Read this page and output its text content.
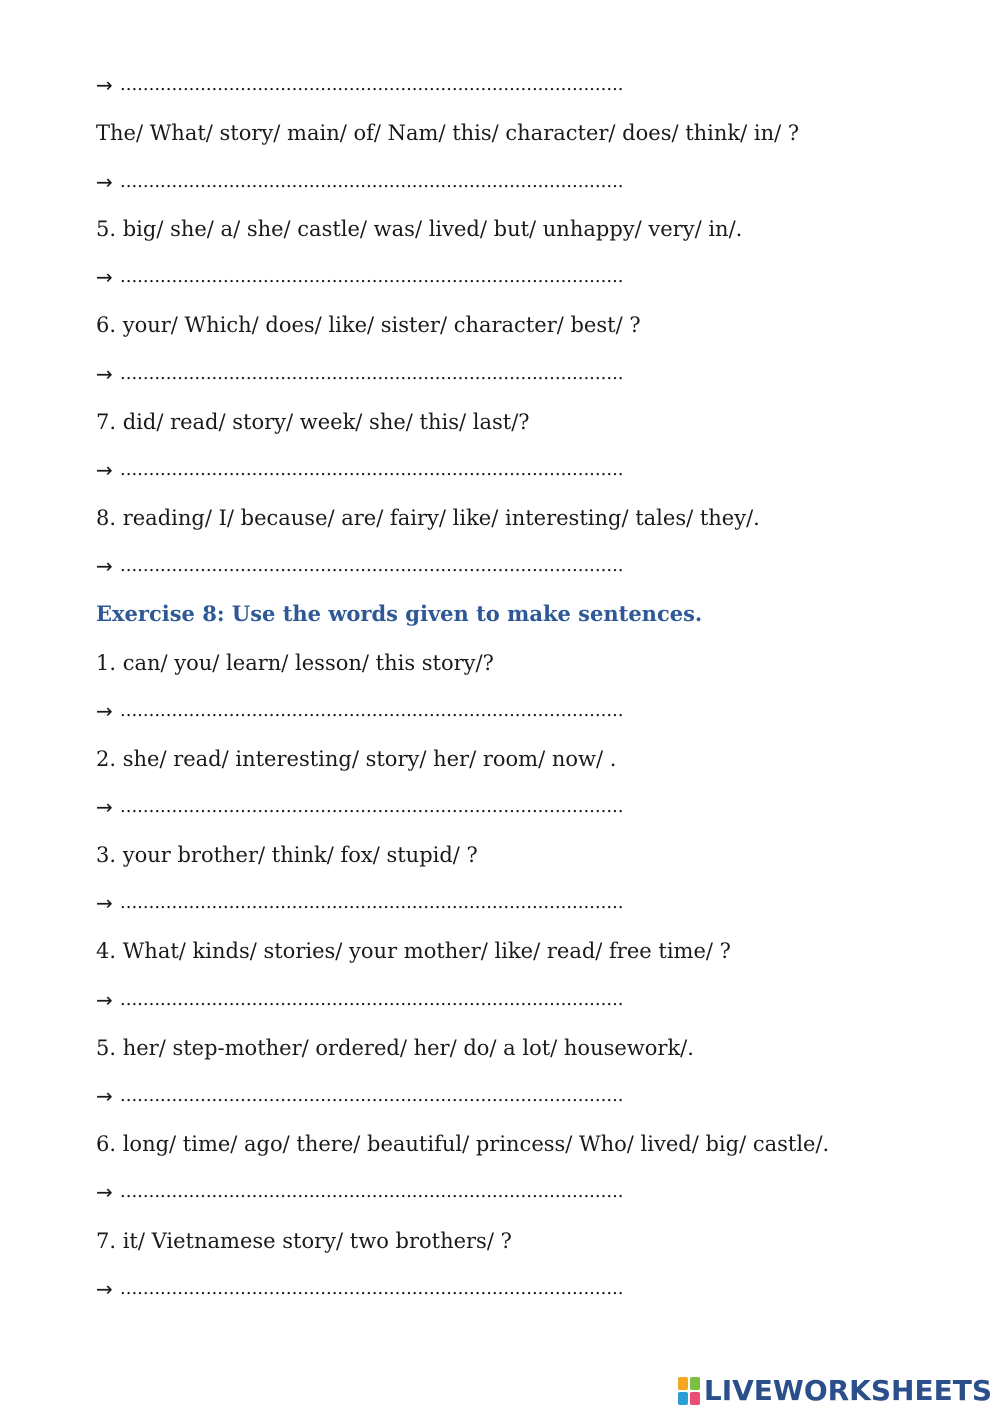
→ ........................................................................................
The/ What/ story/ main/ of/ Nam/ this/ character/ does/ think/ in/ ?
→ ........................................................................................
5. big/ she/ a/ she/ castle/ was/ lived/ but/ unhappy/ very/ in/.
→ ........................................................................................
6. your/ Which/ does/ like/ sister/ character/ best/ ?
→ ........................................................................................
7. did/ read/ story/ week/ she/ this/ last/?
→ ........................................................................................
8. reading/ I/ because/ are/ fairy/ like/ interesting/ tales/ they/.
→ ........................................................................................
Exercise 8: Use the words given to make sentences.
1. can/ you/ learn/ lesson/ this story/?
→ ........................................................................................
2. she/ read/ interesting/ story/ her/ room/ now/ .
→ ........................................................................................
3. your brother/ think/ fox/ stupid/ ?
→ ........................................................................................
4. What/ kinds/ stories/ your mother/ like/ read/ free time/ ?
→ ........................................................................................
5. her/ step-mother/ ordered/ her/ do/ a lot/ housework/.
→ ........................................................................................
6. long/ time/ ago/ there/ beautiful/ princess/ Who/ lived/ big/ castle/.
→ ........................................................................................
7. it/ Vietnamese story/ two brothers/ ?
→ ........................................................................................
LIVEWORKSHEETS
